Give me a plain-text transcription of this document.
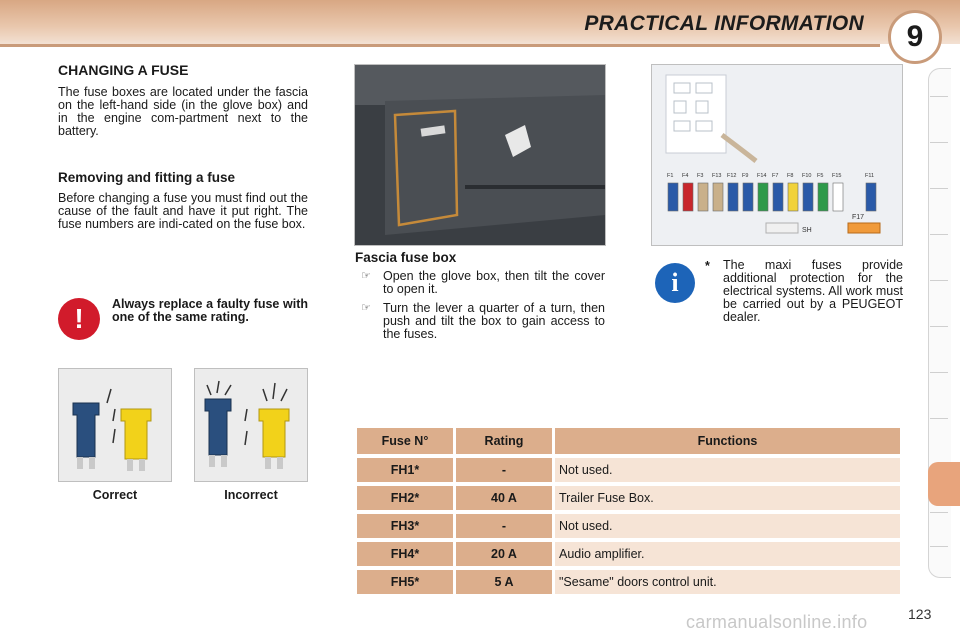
PRACTICAL INFORMATION	9
CHANGING A FUSE
The fuse boxes are located under the fascia on the left-hand side (in the glove box) and in the engine com-partment next to the battery.
Removing and fitting a fuse
Before changing a fuse you must find out the cause of the fault and have it put right. The fuse numbers are indi-cated on the fuse box.
!	Always replace a faulty fuse with one of the same rating.
Correct	Incorrect
F1 F4 F3 F13 F12 F9 F14 F7 F8 F10 F5 F15	F11
SH
F17
Fascia fuse box
☞ Open the glove box, then tilt the cover to open it.
☞ Turn the lever a quarter of a turn, then push and tilt the box to gain access to the fuses.
i
* The maxi fuses provide additional protection for the electrical systems. All work must be carried out by a PEUGEOT dealer.
Fuse N°	Rating	Functions
FH1*	-	Not used.
FH2*	40 A	Trailer Fuse Box.
FH3*	-	Not used.
FH4*	20 A	Audio amplifier.
FH5*	5 A	"Sesame" doors control unit.
123
carmanualsonline.info
